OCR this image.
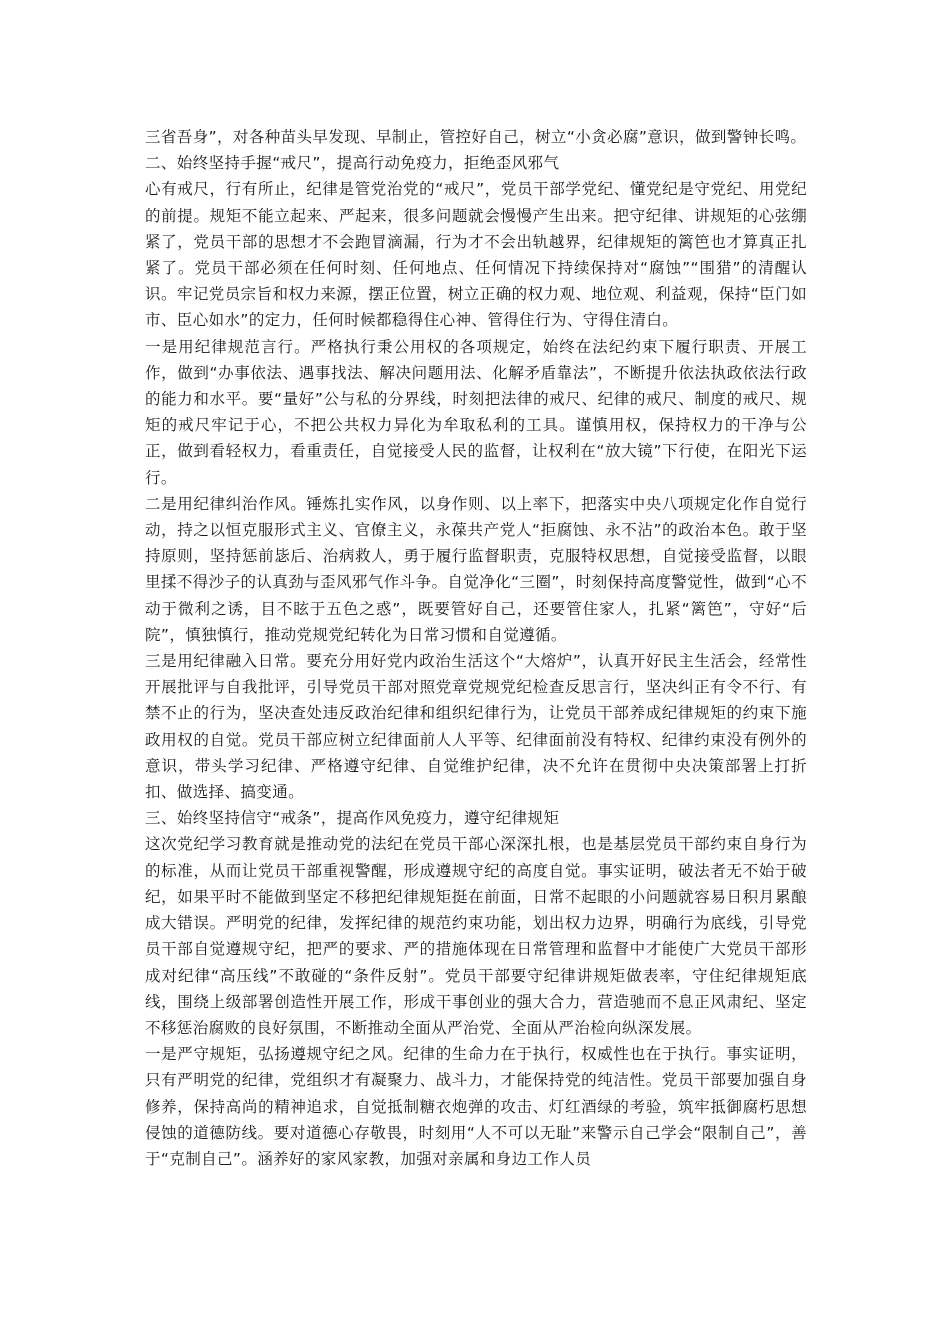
三省吾身”，对各种苗头早发现、早制止，管控好自己，树立“小贪必腐”意识，做到警钟长鸣。

二、始终坚持手握“戒尺”，提高行动免疫力，拒绝歪风邪气

心有戒尺，行有所止，纪律是管党治党的“戒尺”，党员干部学党纪、懂党纪是守党纪、用党纪的前提。规矩不能立起来、严起来，很多问题就会慢慢产生出来。把守纪律、讲规矩的心弦绷紧了，党员干部的思想才不会跑冒滴漏，行为才不会出轨越界，纪律规矩的篱笆也才算真正扎紧了。党员干部必须在任何时刻、任何地点、任何情况下持续保持对“腐蚀”“围猎”的清醒认识。牢记党员宗旨和权力来源，摆正位置，树立正确的权力观、地位观、利益观，保持“臣门如市、臣心如水”的定力，任何时候都稳得住心神、管得住行为、守得住清白。

一是用纪律规范言行。严格执行秉公用权的各项规定，始终在法纪约束下履行职责、开展工作，做到“办事依法、遇事找法、解决问题用法、化解矛盾靠法”，不断提升依法执政依法行政的能力和水平。要“量好”公与私的分界线，时刻把法律的戒尺、纪律的戒尺、制度的戒尺、规矩的戒尺牢记于心，不把公共权力异化为牟取私利的工具。谨慎用权，保持权力的干净与公正，做到看轻权力，看重责任，自觉接受人民的监督，让权利在“放大镜”下行使，在阳光下运行。

二是用纪律纠治作风。锤炼扎实作风，以身作则、以上率下，把落实中央八项规定化作自觉行动，持之以恒克服形式主义、官僚主义，永葆共产党人“拒腐蚀、永不沾”的政治本色。敢于坚持原则，坚持惩前毖后、治病救人，勇于履行监督职责，克服特权思想，自觉接受监督，以眼里揉不得沙子的认真劲与歪风邪气作斗争。自觉净化“三圈”，时刻保持高度警觉性，做到“心不动于微利之诱，目不眩于五色之惑”，既要管好自己，还要管住家人，扎紧“篱笆”，守好“后院”，慎独慎行，推动党规党纪转化为日常习惯和自觉遵循。

三是用纪律融入日常。要充分用好党内政治生活这个“大熔炉”，认真开好民主生活会，经常性开展批评与自我批评，引导党员干部对照党章党规党纪检查反思言行，坚决纠正有令不行、有禁不止的行为，坚决查处违反政治纪律和组织纪律行为，让党员干部养成纪律规矩的约束下施政用权的自觉。党员干部应树立纪律面前人人平等、纪律面前没有特权、纪律约束没有例外的意识，带头学习纪律、严格遵守纪律、自觉维护纪律，决不允许在贯彻中央决策部署上打折扣、做选择、搞变通。

三、始终坚持信守“戒条”，提高作风免疫力，遵守纪律规矩

这次党纪学习教育就是推动党的法纪在党员干部心深深扎根，也是基层党员干部约束自身行为的标准，从而让党员干部重视警醒，形成遵规守纪的高度自觉。事实证明，破法者无不始于破纪，如果平时不能做到坚定不移把纪律规矩挺在前面，日常不起眼的小问题就容易日积月累酿成大错误。严明党的纪律，发挥纪律的规范约束功能，划出权力边界，明确行为底线，引导党员干部自觉遵规守纪，把严的要求、严的措施体现在日常管理和监督中才能使广大党员干部形成对纪律“高压线”不敢碰的“条件反射”。党员干部要守纪律讲规矩做表率，守住纪律规矩底线，围绕上级部署创造性开展工作，形成干事创业的强大合力，营造驰而不息正风肃纪、坚定不移惩治腐败的良好氛围，不断推动全面从严治党、全面从严治检向纵深发展。

一是严守规矩，弘扬遵规守纪之风。纪律的生命力在于执行，权威性也在于执行。事实证明，只有严明党的纪律，党组织才有凝聚力、战斗力，才能保持党的纯洁性。党员干部要加强自身修养，保持高尚的精神追求，自觉抵制糖衣炮弹的攻击、灯红酒绿的考验，筑牢抵御腐朽思想侵蚀的道德防线。要对道德心存敬畏，时刻用“人不可以无耻”来警示自己学会“限制自己”，善于“克制自己”。涵养好的家风家教，加强对亲属和身边工作人员
